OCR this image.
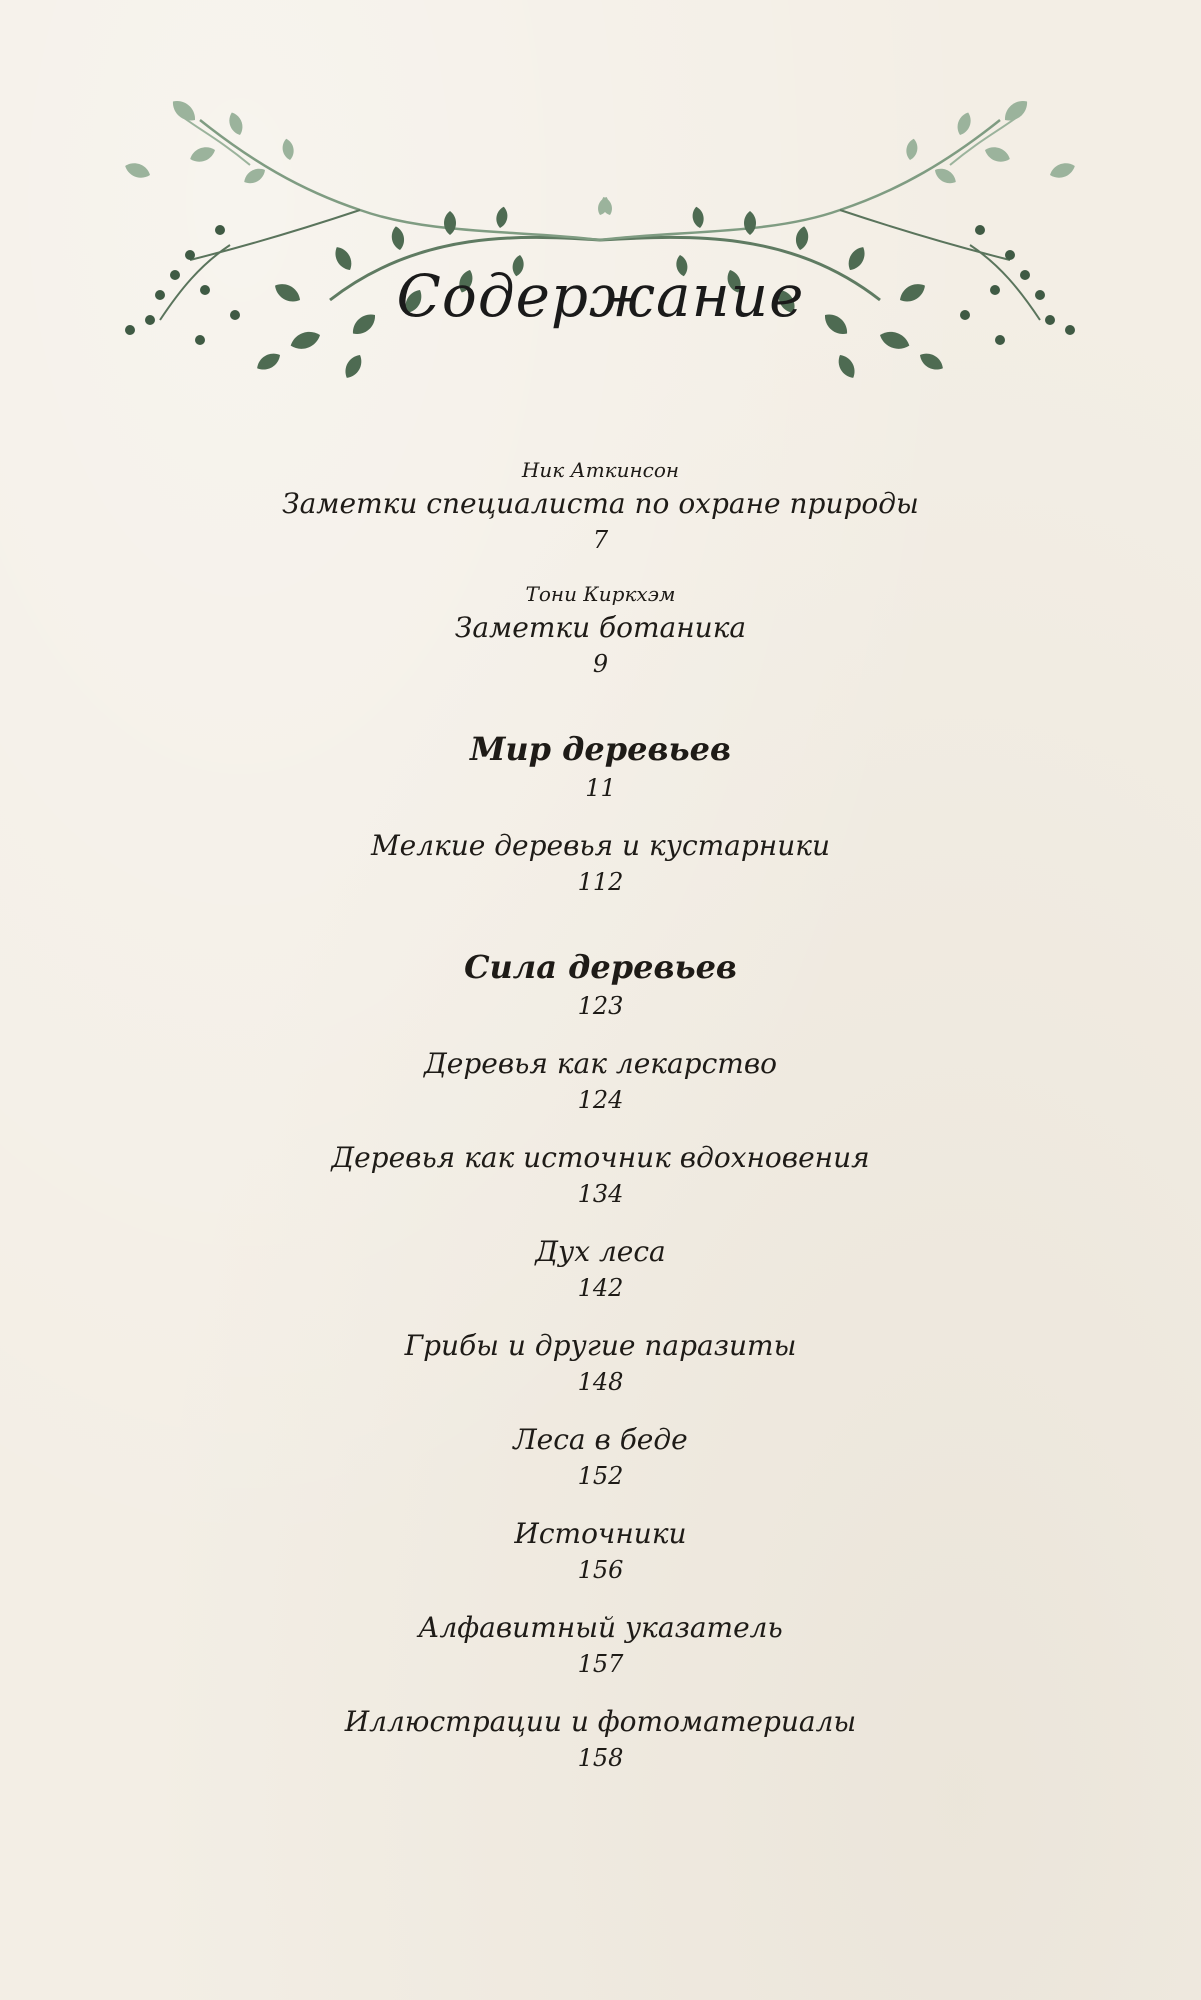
Содержание
Ник Аткинсон
Заметки специалиста по охране природы
7
Тони Киркхэм
Заметки ботаника
9
Мир деревьев
11
Мелкие деревья и кустарники
112
Сила деревьев
123
Деревья как лекарство
124
Деревья как источник вдохновения
134
Дух леса
142
Грибы и другие паразиты
148
Леса в беде
152
Источники
156
Алфавитный указатель
157
Иллюстрации и фотоматериалы
158
